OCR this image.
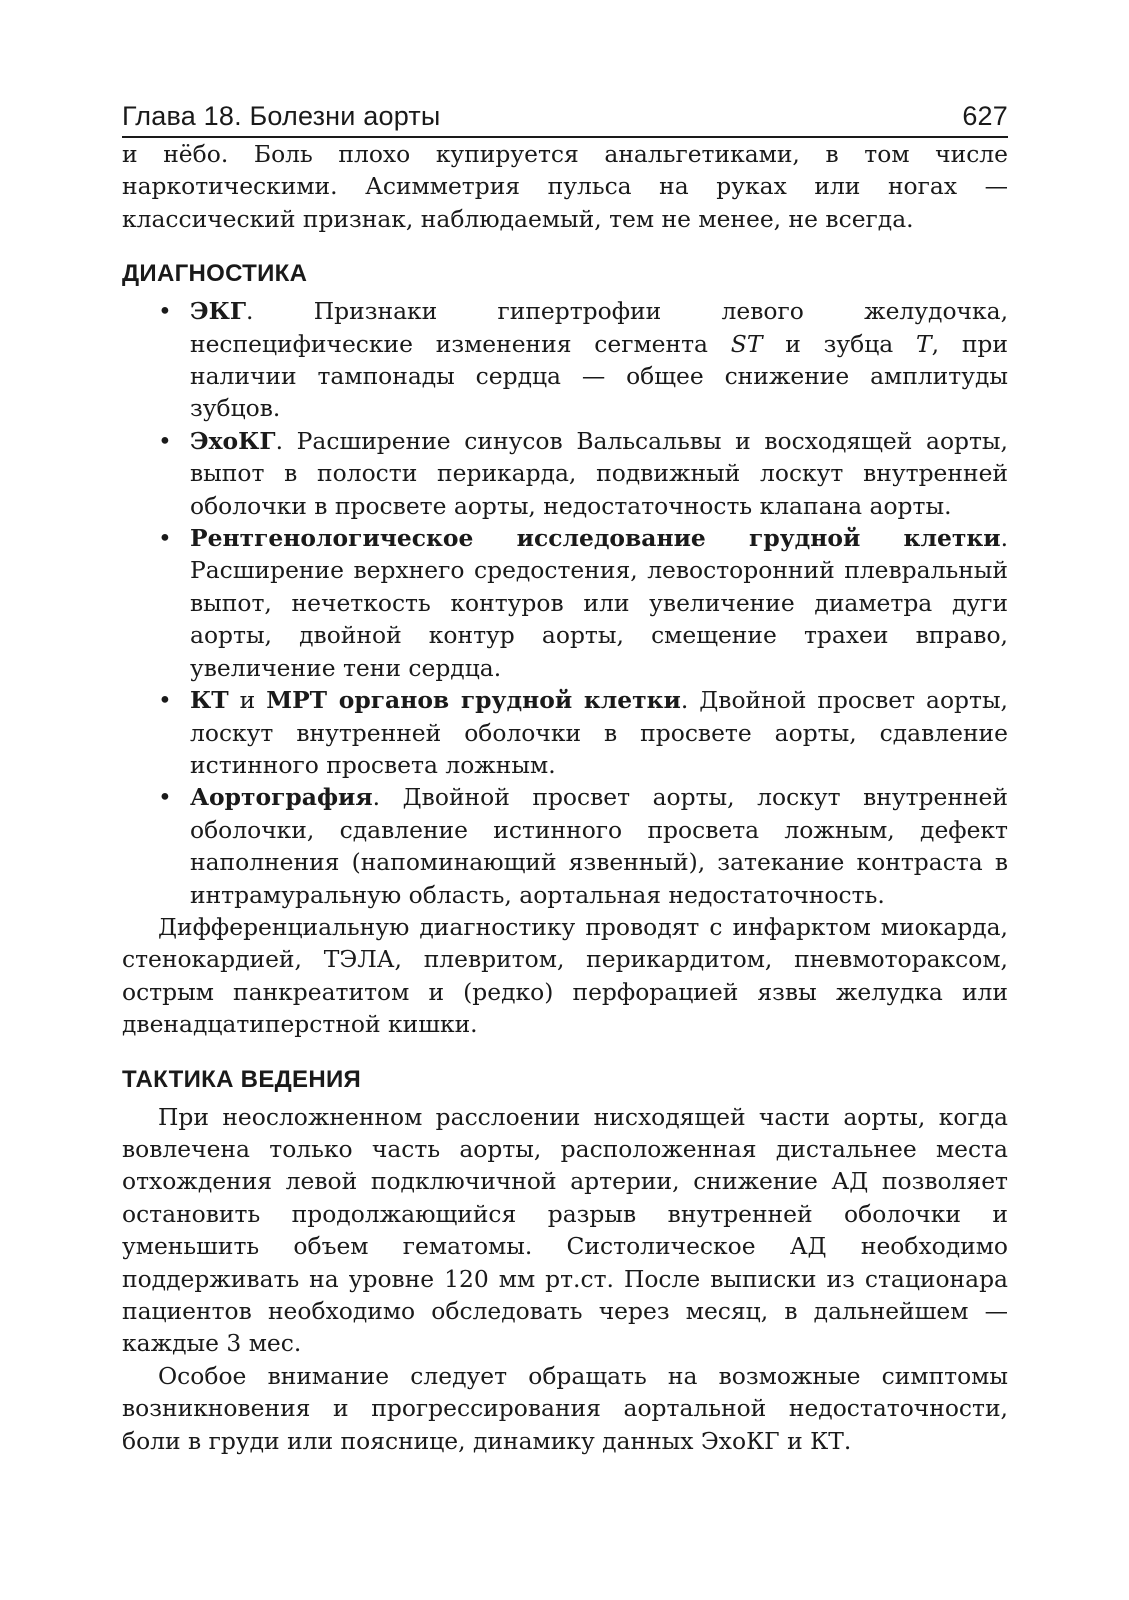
Глава 18. Болезни аорты	627

и нёбо. Боль плохо купируется анальгетиками, в том числе наркотическими. Асимметрия пульса на руках или ногах — классический признак, наблюдаемый, тем не менее, не всегда.

ДИАГНОСТИКА
• ЭКГ. Признаки гипертрофии левого желудочка, неспецифические изменения сегмента ST и зубца T, при наличии тампонады сердца — общее снижение амплитуды зубцов.
• ЭхоКГ. Расширение синусов Вальсальвы и восходящей аорты, выпот в полости перикарда, подвижный лоскут внутренней оболочки в просвете аорты, недостаточность клапана аорты.
• Рентгенологическое исследование грудной клетки. Расширение верхнего средостения, левосторонний плевральный выпот, нечеткость контуров или увеличение диаметра дуги аорты, двойной контур аорты, смещение трахеи вправо, увеличение тени сердца.
• КТ и МРТ органов грудной клетки. Двойной просвет аорты, лоскут внутренней оболочки в просвете аорты, сдавление истинного просвета ложным.
• Аортография. Двойной просвет аорты, лоскут внутренней оболочки, сдавление истинного просвета ложным, дефект наполнения (напоминающий язвенный), затекание контраста в интрамуральную область, аортальная недостаточность.

Дифференциальную диагностику проводят с инфарктом миокарда, стенокардией, ТЭЛА, плевритом, перикардитом, пневмотораксом, острым панкреатитом и (редко) перфорацией язвы желудка или двенадцатиперстной кишки.

ТАКТИКА ВЕДЕНИЯ

При неосложненном расслоении нисходящей части аорты, когда вовлечена только часть аорты, расположенная дистальнее места отхождения левой подключичной артерии, снижение АД позволяет остановить продолжающийся разрыв внутренней оболочки и уменьшить объем гематомы. Систолическое АД необходимо поддерживать на уровне 120 мм рт.ст. После выписки из стационара пациентов необходимо обследовать через месяц, в дальнейшем — каждые 3 мес.

Особое внимание следует обращать на возможные симптомы возникновения и прогрессирования аортальной недостаточности, боли в груди или пояснице, динамику данных ЭхоКГ и КТ.
